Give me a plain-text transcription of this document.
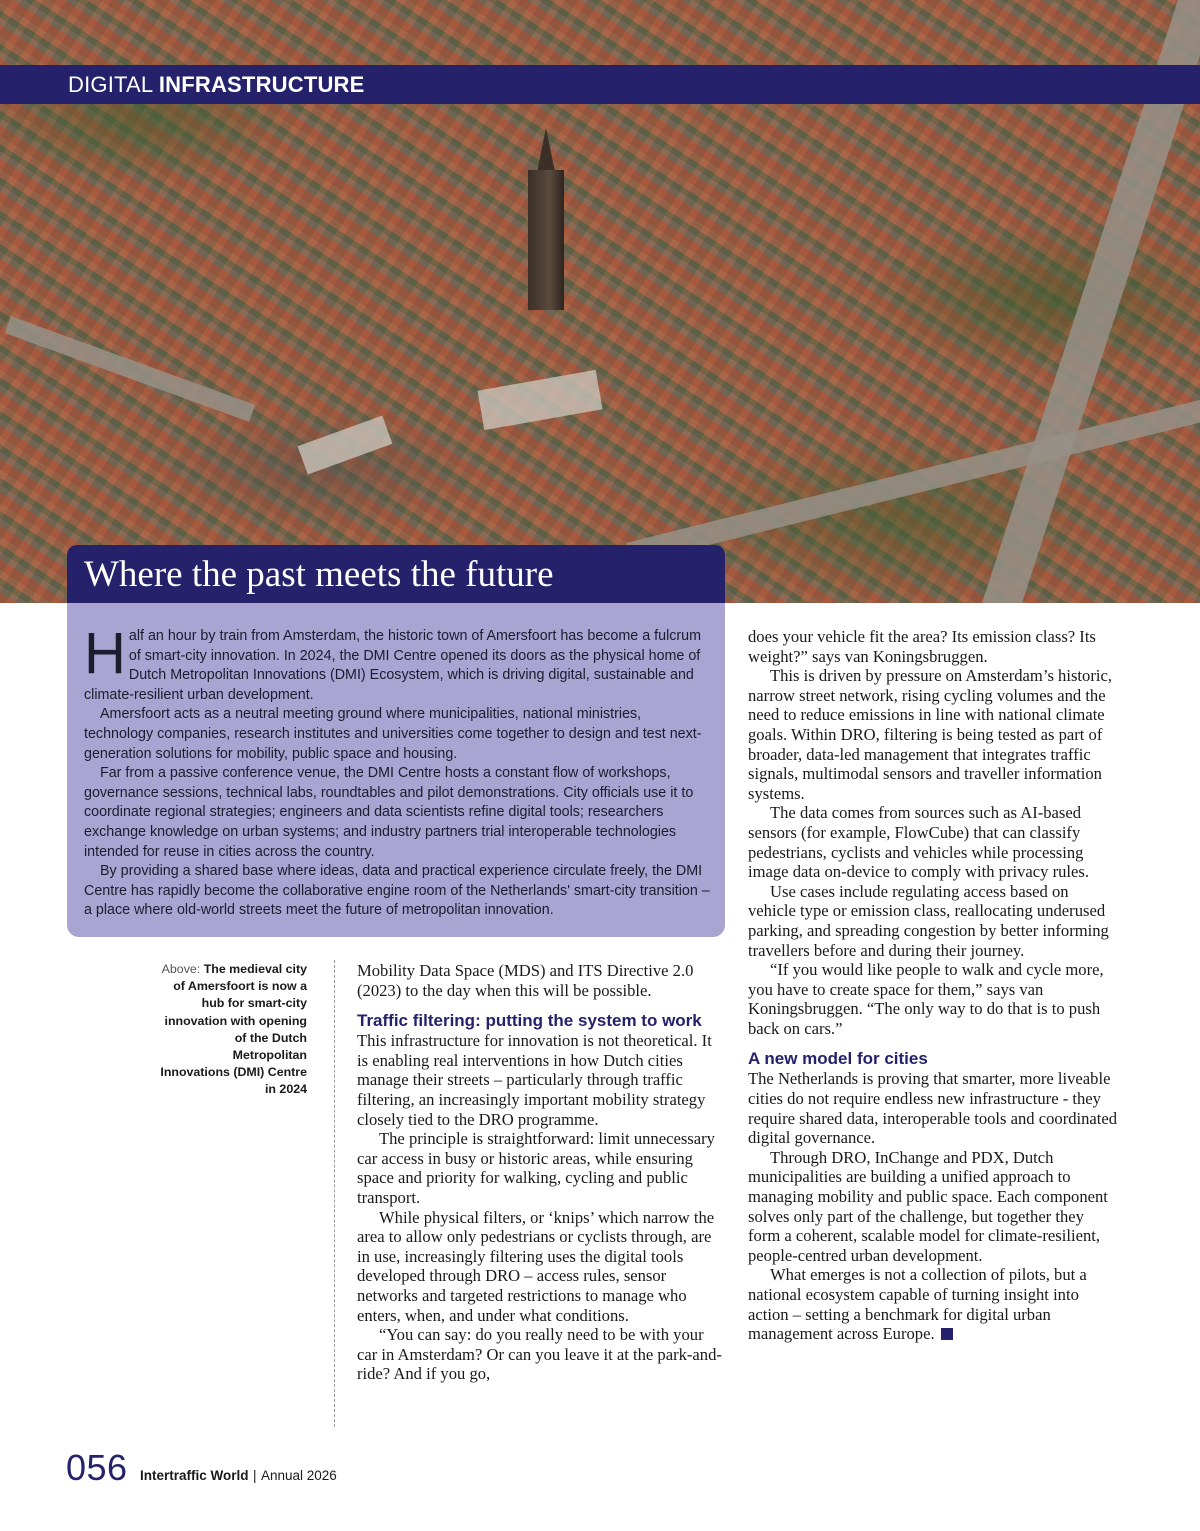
DIGITAL INFRASTRUCTURE
Where the past meets the future

Half an hour by train from Amsterdam, the historic town of Amersfoort has become a fulcrum of smart-city innovation. In 2024, the DMI Centre opened its doors as the physical home of Dutch Metropolitan Innovations (DMI) Ecosystem, which is driving digital, sustainable and climate-resilient urban development.

Amersfoort acts as a neutral meeting ground where municipalities, national ministries, technology companies, research institutes and universities come together to design and test next-generation solutions for mobility, public space and housing.

Far from a passive conference venue, the DMI Centre hosts a constant flow of workshops, governance sessions, technical labs, roundtables and pilot demonstrations. City officials use it to coordinate regional strategies; engineers and data scientists refine digital tools; researchers exchange knowledge on urban systems; and industry partners trial interoperable technologies intended for reuse in cities across the country.

By providing a shared base where ideas, data and practical experience circulate freely, the DMI Centre has rapidly become the collaborative engine room of the Netherlands' smart-city transition – a place where old-world streets meet the future of metropolitan innovation.

Above: The medieval city of Amersfoort is now a hub for smart-city innovation with opening of the Dutch Metropolitan Innovations (DMI) Centre in 2024

Mobility Data Space (MDS) and ITS Directive 2.0 (2023) to the day when this will be possible.

Traffic filtering: putting the system to work

This infrastructure for innovation is not theoretical. It is enabling real interventions in how Dutch cities manage their streets – particularly through traffic filtering, an increasingly important mobility strategy closely tied to the DRO programme.

The principle is straightforward: limit unnecessary car access in busy or historic areas, while ensuring space and priority for walking, cycling and public transport.

While physical filters, or ‘knips’ which narrow the area to allow only pedestrians or cyclists through, are in use, increasingly filtering uses the digital tools developed through DRO – access rules, sensor networks and targeted restrictions to manage who enters, when, and under what conditions.

“You can say: do you really need to be with your car in Amsterdam? Or can you leave it at the park-and-ride? And if you go,

does your vehicle fit the area? Its emission class? Its weight?” says van Koningsbruggen.

This is driven by pressure on Amsterdam’s historic, narrow street network, rising cycling volumes and the need to reduce emissions in line with national climate goals. Within DRO, filtering is being tested as part of broader, data-led management that integrates traffic signals, multimodal sensors and traveller information systems.

The data comes from sources such as AI-based sensors (for example, FlowCube) that can classify pedestrians, cyclists and vehicles while processing image data on-device to comply with privacy rules.

Use cases include regulating access based on vehicle type or emission class, reallocating underused parking, and spreading congestion by better informing travellers before and during their journey.

“If you would like people to walk and cycle more, you have to create space for them,” says van Koningsbruggen. “The only way to do that is to push back on cars.”

A new model for cities

The Netherlands is proving that smarter, more liveable cities do not require endless new infrastructure - they require shared data, interoperable tools and coordinated digital governance.

Through DRO, InChange and PDX, Dutch municipalities are building a unified approach to managing mobility and public space. Each component solves only part of the challenge, but together they form a coherent, scalable model for climate-resilient, people-centred urban development.

What emerges is not a collection of pilots, but a national ecosystem capable of turning insight into action – setting a benchmark for digital urban management across Europe.

056 Intertraffic World | Annual 2026
